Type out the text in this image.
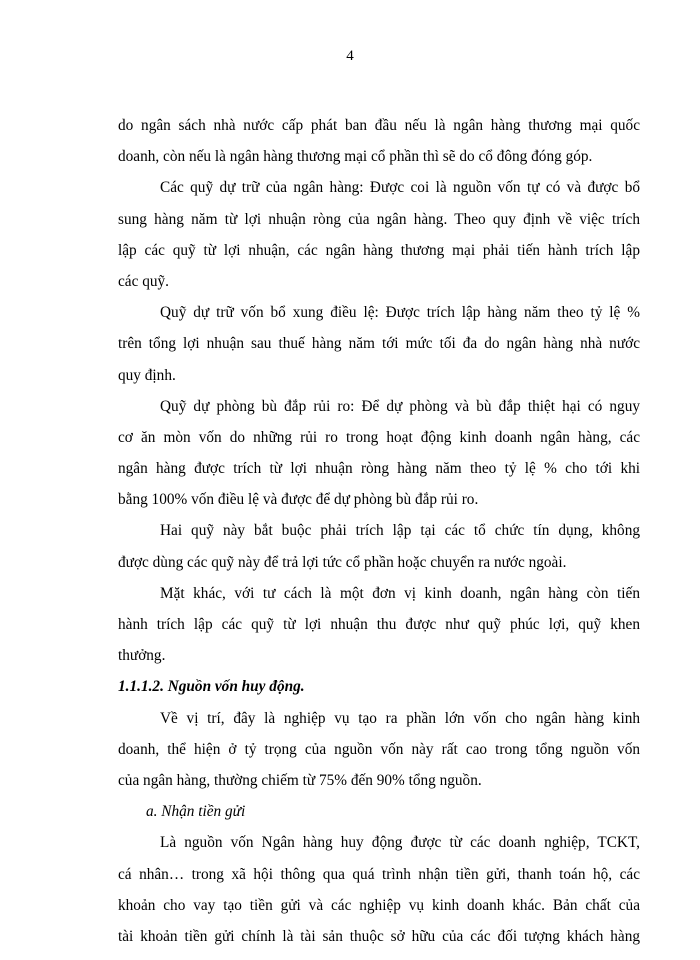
4
do ngân sách nhà nước cấp phát ban đầu nếu là ngân hàng thương mại quốc
doanh, còn nếu là ngân hàng thương mại cổ phần thì sẽ do cổ đông đóng góp.
Các quỹ dự trữ của ngân hàng: Được coi là nguồn vốn tự có và được bổ
sung hàng năm từ lợi nhuận ròng của ngân hàng. Theo quy định về việc trích
lập các quỹ từ lợi nhuận, các ngân hàng thương mại phải tiến hành trích lập
các quỹ.
Quỹ dự trữ vốn bổ xung điều lệ: Được trích lập hàng năm theo tỷ lệ %
trên tổng lợi nhuận sau thuế hàng năm tới mức tối đa do ngân hàng nhà nước
quy định.
Quỹ dự phòng bù đắp rủi ro: Để dự phòng và bù đắp thiệt hại có nguy
cơ ăn mòn vốn do những rủi ro trong hoạt động kinh doanh ngân hàng, các
ngân hàng được trích từ lợi nhuận ròng hàng năm theo tỷ lệ % cho tới khi
bằng 100% vốn điều lệ và được để dự phòng bù đắp rủi ro.
Hai quỹ này bắt buộc phải trích lập tại các tổ chức tín dụng, không
được dùng các quỹ này để trả lợi tức cổ phần hoặc chuyển ra nước ngoài.
Mặt khác, với tư cách là một đơn vị kinh doanh, ngân hàng còn tiến
hành trích lập các quỹ từ lợi nhuận thu được như quỹ phúc lợi, quỹ khen
thưởng.
1.1.1.2. Nguồn vốn huy động.
Về vị trí, đây là nghiệp vụ tạo ra phần lớn vốn cho ngân hàng kinh
doanh, thể hiện ở tỷ trọng của nguồn vốn này rất cao trong tổng nguồn vốn
của ngân hàng, thường chiếm từ 75% đến 90% tổng nguồn.
a. Nhận tiền gửi
Là nguồn vốn Ngân hàng huy động được từ các doanh nghiệp, TCKT,
cá nhân… trong xã hội thông qua quá trình nhận tiền gửi, thanh toán hộ, các
khoản cho vay tạo tiền gửi và các nghiệp vụ kinh doanh khác. Bản chất của
tài khoản tiền gửi chính là tài sản thuộc sở hữu của các đối tượng khách hàng
